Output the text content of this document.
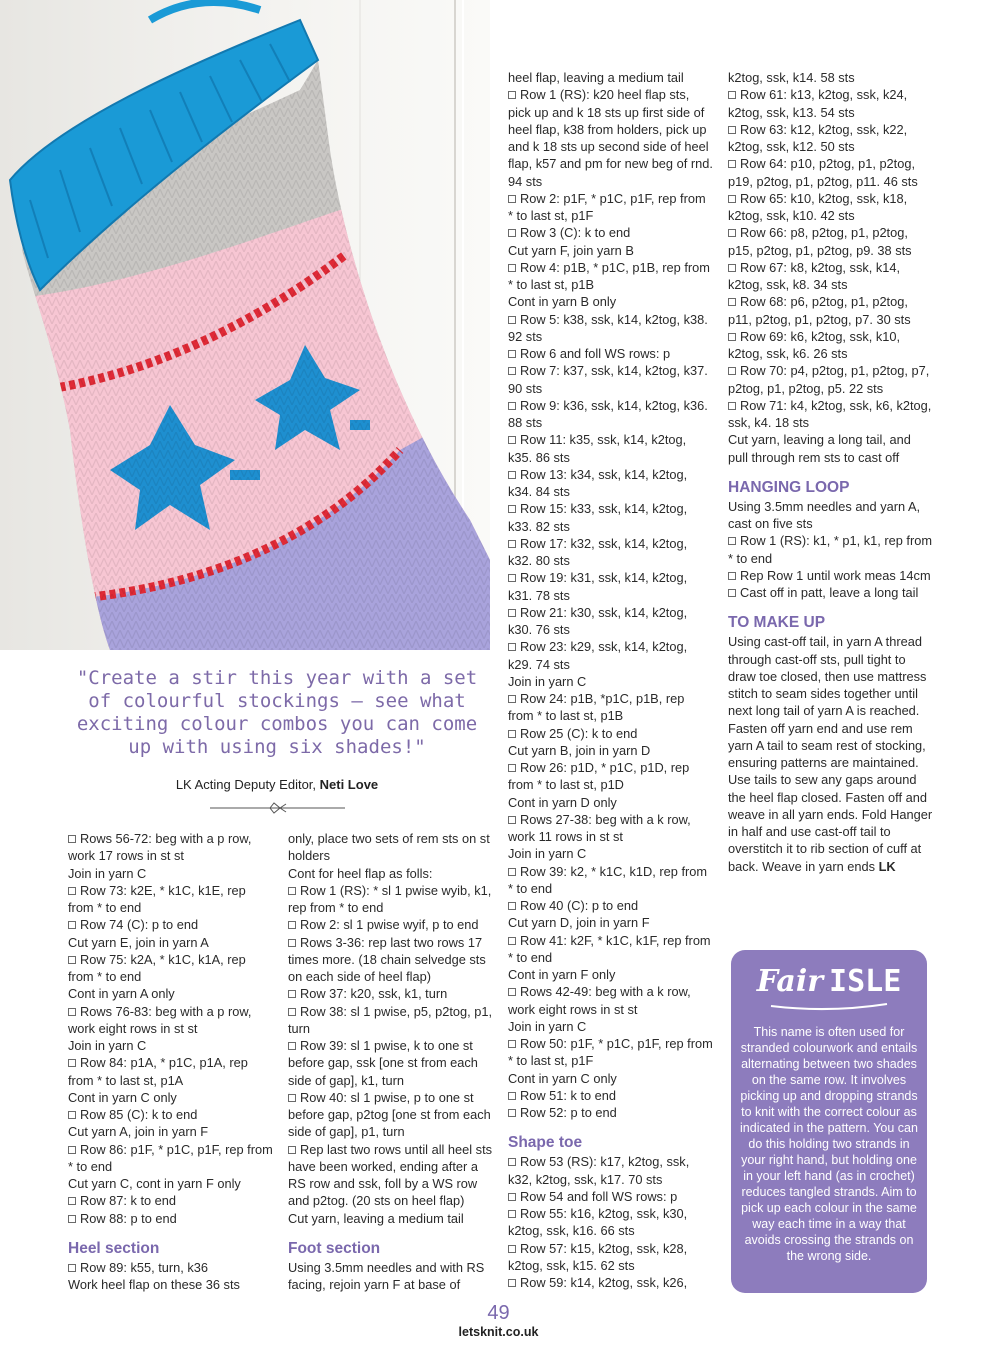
"Create a stir this year with a set of colourful stockings – see what exciting colour combos you can come up with using six shades!"

LK Acting Deputy Editor, Neti Love

Rows 56-72: beg with a p row, work 17 rows in st st

Join in yarn C

Row 73: k2E, * k1C, k1E, rep from * to end

Row 74 (C): p to end

Cut yarn E, join in yarn A

Row 75: k2A, * k1C, k1A, rep from * to end

Cont in yarn A only

Rows 76-83: beg with a p row, work eight rows in st st

Join in yarn C

Row 84: p1A, * p1C, p1A, rep from * to last st, p1A

Cont in yarn C only

Row 85 (C): k to end

Cut yarn A, join in yarn F

Row 86: p1F, * p1C, p1F, rep from * to end

Cut yarn C, cont in yarn F only

Row 87: k to end

Row 88: p to end

Heel section

Row 89: k55, turn, k36

Work heel flap on these 36 sts

only, place two sets of rem sts on st holders

Cont for heel flap as folls:

Row 1 (RS): * sl 1 pwise wyib, k1, rep from * to end

Row 2: sl 1 pwise wyif, p to end

Rows 3-36: rep last two rows 17 times more. (18 chain selvedge sts on each side of heel flap)

Row 37: k20, ssk, k1, turn

Row 38: sl 1 pwise, p5, p2tog, p1, turn

Row 39: sl 1 pwise, k to one st before gap, ssk [one st from each side of gap], k1, turn

Row 40: sl 1 pwise, p to one st before gap, p2tog [one st from each side of gap], p1, turn

Rep last two rows until all heel sts have been worked, ending after a RS row and ssk, foll by a WS row and p2tog. (20 sts on heel flap)

Cut yarn, leaving a medium tail

Foot section

Using 3.5mm needles and with RS facing, rejoin yarn F at base of

heel flap, leaving a medium tail

Row 1 (RS): k20 heel flap sts, pick up and k 18 sts up first side of heel flap, k38 from holders, pick up and k 18 sts up second side of heel flap, k57 and pm for new beg of rnd. 94 sts

Row 2: p1F, * p1C, p1F, rep from * to last st, p1F

Row 3 (C): k to end

Cut yarn F, join yarn B

Row 4: p1B, * p1C, p1B, rep from * to last st, p1B

Cont in yarn B only

Row 5: k38, ssk, k14, k2tog, k38. 92 sts

Row 6 and foll WS rows: p

Row 7: k37, ssk, k14, k2tog, k37. 90 sts

Row 9: k36, ssk, k14, k2tog, k36. 88 sts

Row 11: k35, ssk, k14, k2tog, k35. 86 sts

Row 13: k34, ssk, k14, k2tog, k34. 84 sts

Row 15: k33, ssk, k14, k2tog, k33. 82 sts

Row 17: k32, ssk, k14, k2tog, k32. 80 sts

Row 19: k31, ssk, k14, k2tog, k31. 78 sts

Row 21: k30, ssk, k14, k2tog, k30. 76 sts

Row 23: k29, ssk, k14, k2tog, k29. 74 sts

Join in yarn C

Row 24: p1B, *p1C, p1B, rep from * to last st, p1B

Row 25 (C): k to end

Cut yarn B, join in yarn D

Row 26: p1D, * p1C, p1D, rep from * to last st, p1D

Cont in yarn D only

Rows 27-38: beg with a k row, work 11 rows in st st

Join in yarn C

Row 39: k2, * k1C, k1D, rep from * to end

Row 40 (C): p to end

Cut yarn D, join in yarn F

Row 41: k2F, * k1C, k1F, rep from * to end

Cont in yarn F only

Rows 42-49: beg with a k row, work eight rows in st st

Join in yarn C

Row 50: p1F, * p1C, p1F, rep from * to last st, p1F

Cont in yarn C only

Row 51: k to end

Row 52: p to end

Shape toe

Row 53 (RS): k17, k2tog, ssk, k32, k2tog, ssk, k17. 70 sts

Row 54 and foll WS rows: p

Row 55: k16, k2tog, ssk, k30, k2tog, ssk, k16. 66 sts

Row 57: k15, k2tog, ssk, k28, k2tog, ssk, k15. 62 sts

Row 59: k14, k2tog, ssk, k26,

k2tog, ssk, k14. 58 sts

Row 61: k13, k2tog, ssk, k24, k2tog, ssk, k13. 54 sts

Row 63: k12, k2tog, ssk, k22, k2tog, ssk, k12. 50 sts

Row 64: p10, p2tog, p1, p2tog, p19, p2tog, p1, p2tog, p11. 46 sts

Row 65: k10, k2tog, ssk, k18, k2tog, ssk, k10. 42 sts

Row 66: p8, p2tog, p1, p2tog, p15, p2tog, p1, p2tog, p9. 38 sts

Row 67: k8, k2tog, ssk, k14, k2tog, ssk, k8. 34 sts

Row 68: p6, p2tog, p1, p2tog, p11, p2tog, p1, p2tog, p7. 30 sts

Row 69: k6, k2tog, ssk, k10, k2tog, ssk, k6. 26 sts

Row 70: p4, p2tog, p1, p2tog, p7, p2tog, p1, p2tog, p5. 22 sts

Row 71: k4, k2tog, ssk, k6, k2tog, ssk, k4. 18 sts

Cut yarn, leaving a long tail, and pull through rem sts to cast off

HANGING LOOP

Using 3.5mm needles and yarn A, cast on five sts

Row 1 (RS): k1, * p1, k1, rep from * to end

Rep Row 1 until work meas 14cm

Cast off in patt, leave a long tail

TO MAKE UP

Using cast-off tail, in yarn A thread through cast-off sts, pull tight to draw toe closed, then use mattress stitch to seam sides together until next long tail of yarn A is reached. Fasten off yarn end and use rem yarn A tail to seam rest of stocking, ensuring patterns are maintained. Use tails to sew any gaps around the heel flap closed. Fasten off and weave in all yarn ends. Fold Hanger in half and use cast-off tail to overstitch it to rib section of cuff at back. Weave in yarn ends LK

Fair ISLE
This name is often used for stranded colourwork and entails alternating between two shades on the same row. It involves picking up and dropping strands to knit with the correct colour as indicated in the pattern. You can do this holding two strands in your right hand, but holding one in your left hand (as in crochet) reduces tangled strands. Aim to pick up each colour in the same way each time in a way that avoids crossing the strands on the wrong side.
49
letsknit.co.uk
